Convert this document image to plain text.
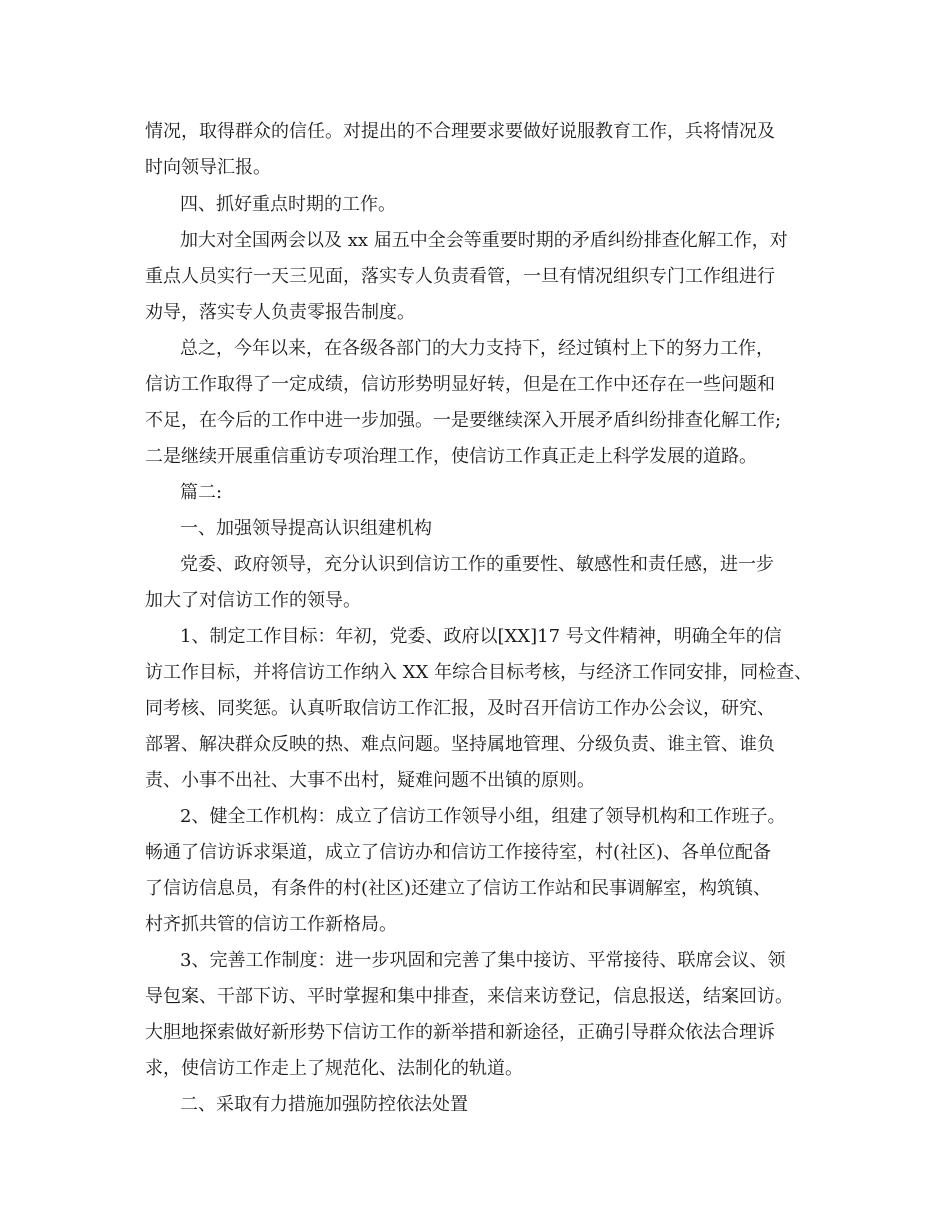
情况，取得群众的信任。对提出的不合理要求要做好说服教育工作，兵将情况及
时向领导汇报。
四、抓好重点时期的工作。
加大对全国两会以及 xx 届五中全会等重要时期的矛盾纠纷排查化解工作，对
重点人员实行一天三见面，落实专人负责看管，一旦有情况组织专门工作组进行
劝导，落实专人负责零报告制度。
总之，今年以来，在各级各部门的大力支持下，经过镇村上下的努力工作，
信访工作取得了一定成绩，信访形势明显好转，但是在工作中还存在一些问题和
不足，在今后的工作中进一步加强。一是要继续深入开展矛盾纠纷排查化解工作;
二是继续开展重信重访专项治理工作，使信访工作真正走上科学发展的道路。
篇二:
一、加强领导提高认识组建机构
党委、政府领导，充分认识到信访工作的重要性、敏感性和责任感，进一步
加大了对信访工作的领导。
1、制定工作目标：年初，党委、政府以[XX]17 号文件精神，明确全年的信
访工作目标，并将信访工作纳入 XX 年综合目标考核，与经济工作同安排，同检查、
同考核、同奖惩。认真听取信访工作汇报，及时召开信访工作办公会议，研究、
部署、解决群众反映的热、难点问题。坚持属地管理、分级负责、谁主管、谁负
责、小事不出社、大事不出村，疑难问题不出镇的原则。
2、健全工作机构：成立了信访工作领导小组，组建了领导机构和工作班子。
畅通了信访诉求渠道，成立了信访办和信访工作接待室，村(社区)、各单位配备
了信访信息员，有条件的村(社区)还建立了信访工作站和民事调解室，构筑镇、
村齐抓共管的信访工作新格局。
3、完善工作制度：进一步巩固和完善了集中接访、平常接待、联席会议、领
导包案、干部下访、平时掌握和集中排查，来信来访登记，信息报送，结案回访。
大胆地探索做好新形势下信访工作的新举措和新途径，正确引导群众依法合理诉
求，使信访工作走上了规范化、法制化的轨道。
二、采取有力措施加强防控依法处置
